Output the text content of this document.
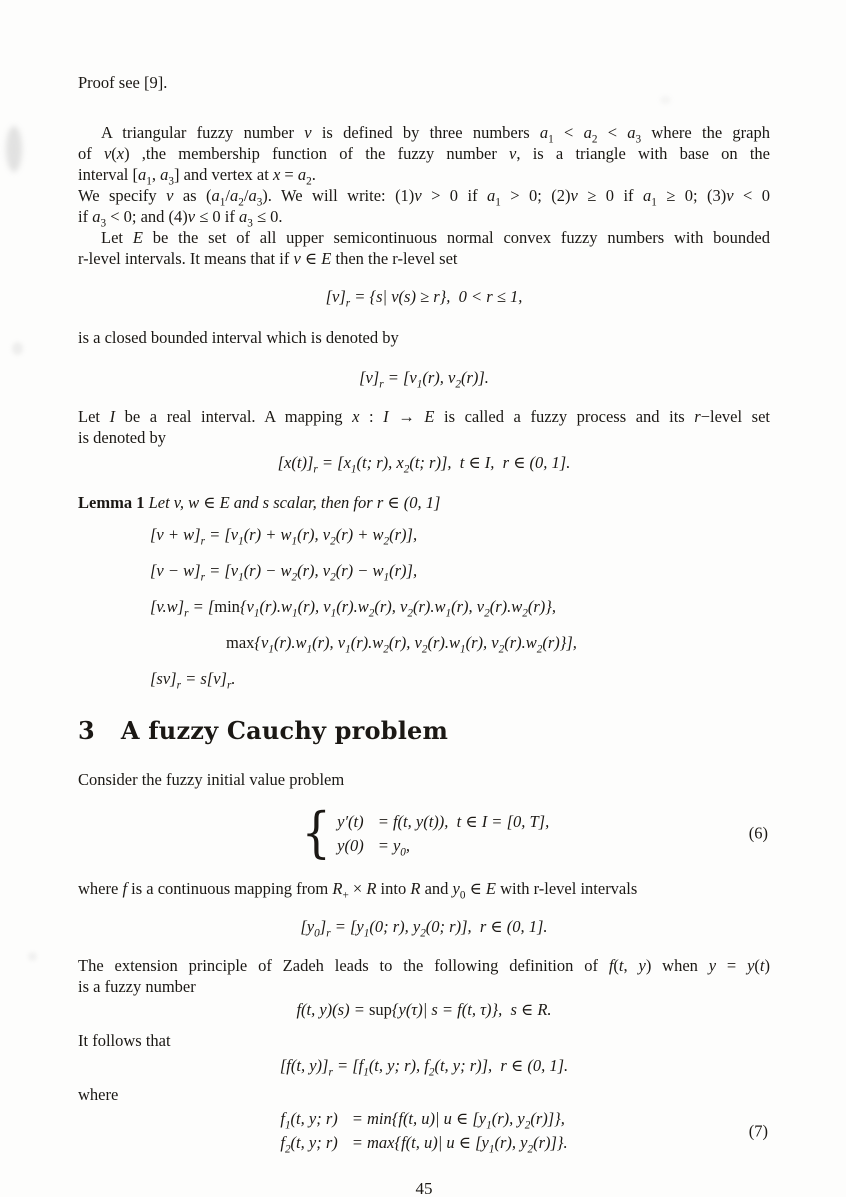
Proof see [9].

A triangular fuzzy number v is defined by three numbers $a_1 < a_2 < a_3$ where the graph
of v(x) ,the membership function of the fuzzy number v, is a triangle with base on the
interval [$a_1$, $a_3$] and vertex at $x = a_2$.
We specify v as $(a_1/a_2/a_3)$. We will write: (1)v > 0 if $a_1 > 0$; (2)v ≥ 0 if $a_1 \ge 0$; (3)v < 0
if $a_3 < 0$; and (4)v ≤ 0 if $a_3 \le 0$.
Let E be the set of all upper semicontinuous normal convex fuzzy numbers with bounded
r-level intervals. It means that if v ∈ E then the r-level set
$[v]_r = \{s|$ v(s) ≥ r},  0 < r ≤ 1,

is a closed bounded interval which is denoted by

$[v]_r = [v_1(r)$, $v_2(r)$].
Let I be a real interval. A mapping x : I → E is called a fuzzy process and its r−level set
is denoted by
$[x(t)]_r = [x_1(t$; r), $x_2(t$; r)],  t ∈ I,  r ∈ (0, 1].

Lemma 1 Let v, w ∈ E and s scalar, then for r ∈ (0, 1]

$[v + w]_r = [v_1(r) + w_1(r)$, $v_2(r) + w_2(r)$],
$[v - w]_r = [v_1(r) - w_2(r)$, $v_2(r) - w_1(r)$],
$[v.w]_r = [\min\{v_1(r).w_1(r)$, $v_1(r).w_2(r)$, $v_2(r).w_1(r)$, $v_2(r).w_2(r)$},
$\max\{v_1(r).w_1(r)$, $v_1(r).w_2(r)$, $v_2(r).w_1(r)$, $v_2(r).w_2(r)$}],
$[sv]_r = s[v]_r$.
3 A fuzzy Cauchy problem

Consider the fuzzy initial value problem

{ y′(t) = f(t, y(t)),  t ∈ I = [0, T],
$y(0) = y_0$,
(6)

where f is a continuous mapping from $R_+ \times R$ into R and $y_0$ ∈ E with r-level intervals

$[y_0]_r = [y_1(0$; r), $y_2(0$; r)],  r ∈ (0, 1].
The extension principle of Zadeh leads to the following definition of f(t, y) when y = y(t)
is a fuzzy number
f(t, y)(s) = sup{y(τ)| s = f(t, τ)},  s ∈ R.

It follows that

[f(t, $y)]_r = [f_1(t$, y; r), $f_2(t$, y; r)],  r ∈ (0, 1].

where

$f_1(t$, y; r) = min{f(t, u)| u ∈ [$y_1(r)$, $y_2(r)$]},
$f_2(t$, y; r) = max{f(t, u)| u ∈ [$y_1(r)$, $y_2(r)$]}.
(7)
45
